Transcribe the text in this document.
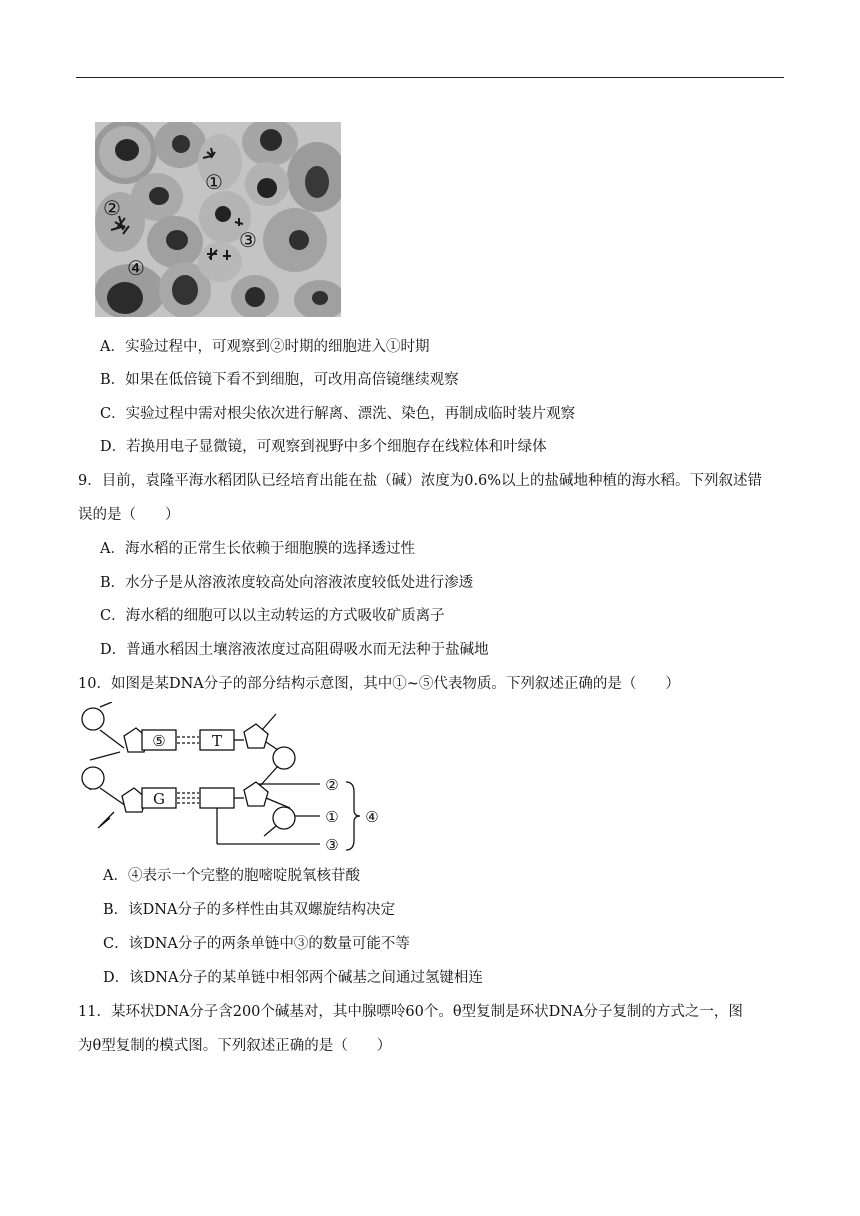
①
②
③
④
A．实验过程中，可观察到②时期的细胞进入①时期
B．如果在低倍镜下看不到细胞，可改用高倍镜继续观察
C．实验过程中需对根尖依次进行解离、漂洗、染色，再制成临时装片观察
D．若换用电子显微镜，可观察到视野中多个细胞存在线粒体和叶绿体
9．目前，袁隆平海水稻团队已经培育出能在盐（碱）浓度为0.6%以上的盐碱地种植的海水稻。下列叙述错
误的是（　　）
A．海水稻的正常生长依赖于细胞膜的选择透过性
B．水分子是从溶液浓度较高处向溶液浓度较低处进行渗透
C．海水稻的细胞可以以主动转运的方式吸收矿质离子
D．普通水稻因土壤溶液浓度过高阻碍吸水而无法种于盐碱地
10．如图是某DNA分子的部分结构示意图，其中①~⑤代表物质。下列叙述正确的是（　　）
⑤	T
G
②
①
③
④
A．④表示一个完整的胞嘧啶脱氧核苷酸
B．该DNA分子的多样性由其双螺旋结构决定
C．该DNA分子的两条单链中③的数量可能不等
D．该DNA分子的某单链中相邻两个碱基之间通过氢键相连
11．某环状DNA分子含200个碱基对，其中腺嘌呤60个。θ型复制是环状DNA分子复制的方式之一，图
为θ型复制的模式图。下列叙述正确的是（　　）
